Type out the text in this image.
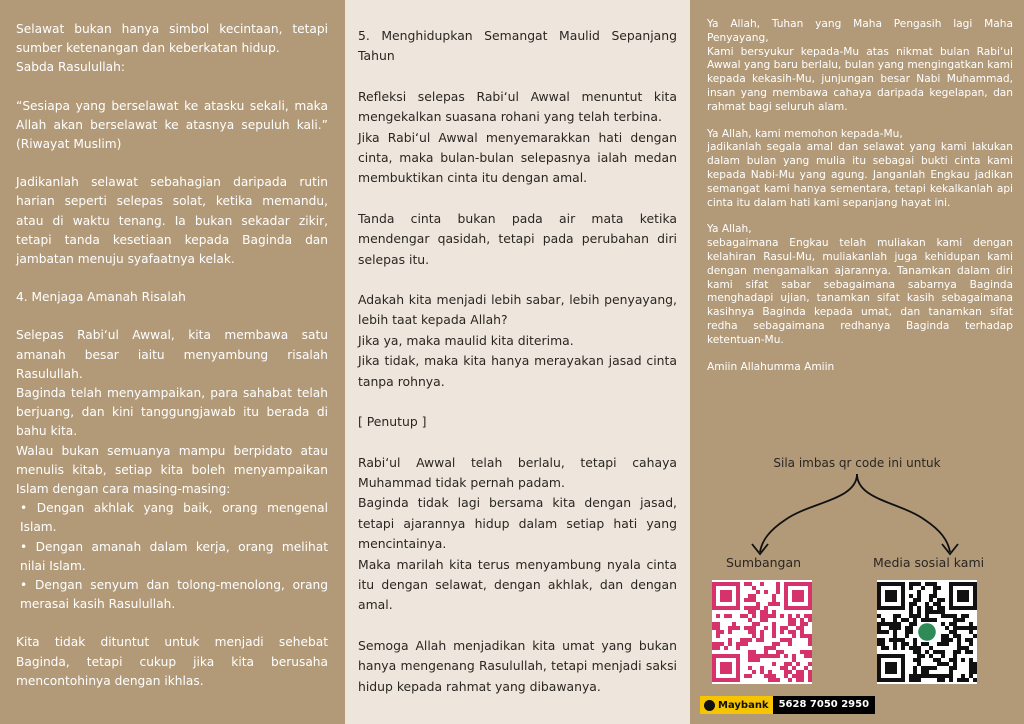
Selawat bukan hanya simbol kecintaan, tetapi sumber ketenangan dan keberkatan hidup.

Sabda Rasulullah:

“Sesiapa yang berselawat ke atasku sekali, maka Allah akan berselawat ke atasnya sepuluh kali.” (Riwayat Muslim)

Jadikanlah selawat sebahagian daripada rutin harian seperti selepas solat, ketika memandu, atau di waktu tenang. Ia bukan sekadar zikir, tetapi tanda kesetiaan kepada Baginda dan jambatan menuju syafaatnya kelak.

4. Menjaga Amanah Risalah

Selepas Rabi‘ul Awwal, kita membawa satu amanah besar iaitu menyambung risalah Rasulullah.

Baginda telah menyampaikan, para sahabat telah berjuang, dan kini tanggungjawab itu berada di bahu kita.

Walau bukan semuanya mampu berpidato atau menulis kitab, setiap kita boleh menyampaikan Islam dengan cara masing-masing:

• Dengan akhlak yang baik, orang mengenal Islam.

• Dengan amanah dalam kerja, orang melihat nilai Islam.

• Dengan senyum dan tolong-menolong, orang merasai kasih Rasulullah.

Kita tidak dituntut untuk menjadi sehebat Baginda, tetapi cukup jika kita berusaha mencontohinya dengan ikhlas.

5. Menghidupkan Semangat Maulid Sepanjang Tahun

Refleksi selepas Rabi‘ul Awwal menuntut kita mengekalkan suasana rohani yang telah terbina.

Jika Rabi‘ul Awwal menyemarakkan hati dengan cinta, maka bulan-bulan selepasnya ialah medan membuktikan cinta itu dengan amal.

Tanda cinta bukan pada air mata ketika mendengar qasidah, tetapi pada perubahan diri selepas itu.

Adakah kita menjadi lebih sabar, lebih penyayang, lebih taat kepada Allah?

Jika ya, maka maulid kita diterima.

Jika tidak, maka kita hanya merayakan jasad cinta tanpa rohnya.

[ Penutup ]

Rabi‘ul Awwal telah berlalu, tetapi cahaya Muhammad tidak pernah padam.

Baginda tidak lagi bersama kita dengan jasad, tetapi ajarannya hidup dalam setiap hati yang mencintainya.

Maka marilah kita terus menyambung nyala cinta itu dengan selawat, dengan akhlak, dan dengan amal.

Semoga Allah menjadikan kita umat yang bukan hanya mengenang Rasulullah, tetapi menjadi saksi hidup kepada rahmat yang dibawanya.

Ya Allah, Tuhan yang Maha Pengasih lagi Maha Penyayang,

Kami bersyukur kepada-Mu atas nikmat bulan Rabi‘ul Awwal yang baru berlalu, bulan yang mengingatkan kami kepada kekasih-Mu, junjungan besar Nabi Muhammad, insan yang membawa cahaya daripada kegelapan, dan rahmat bagi seluruh alam.

Ya Allah, kami memohon kepada-Mu,

jadikanlah segala amal dan selawat yang kami lakukan dalam bulan yang mulia itu sebagai bukti cinta kami kepada Nabi-Mu yang agung. Janganlah Engkau jadikan semangat kami hanya sementara, tetapi kekalkanlah api cinta itu dalam hati kami sepanjang hayat ini.

Ya Allah,

sebagaimana Engkau telah muliakan kami dengan kelahiran Rasul-Mu, muliakanlah juga kehidupan kami dengan mengamalkan ajarannya. Tanamkan dalam diri kami sifat sabar sebagaimana sabarnya Baginda menghadapi ujian, tanamkan sifat kasih sebagaimana kasihnya Baginda kepada umat, dan tanamkan sifat redha sebagaimana redhanya Baginda terhadap ketentuan-Mu.

Amiin Allahumma Amiin

Sila imbas qr code ini untuk
Sumbangan	Media sosial kami
Maybank	5628 7050 2950
